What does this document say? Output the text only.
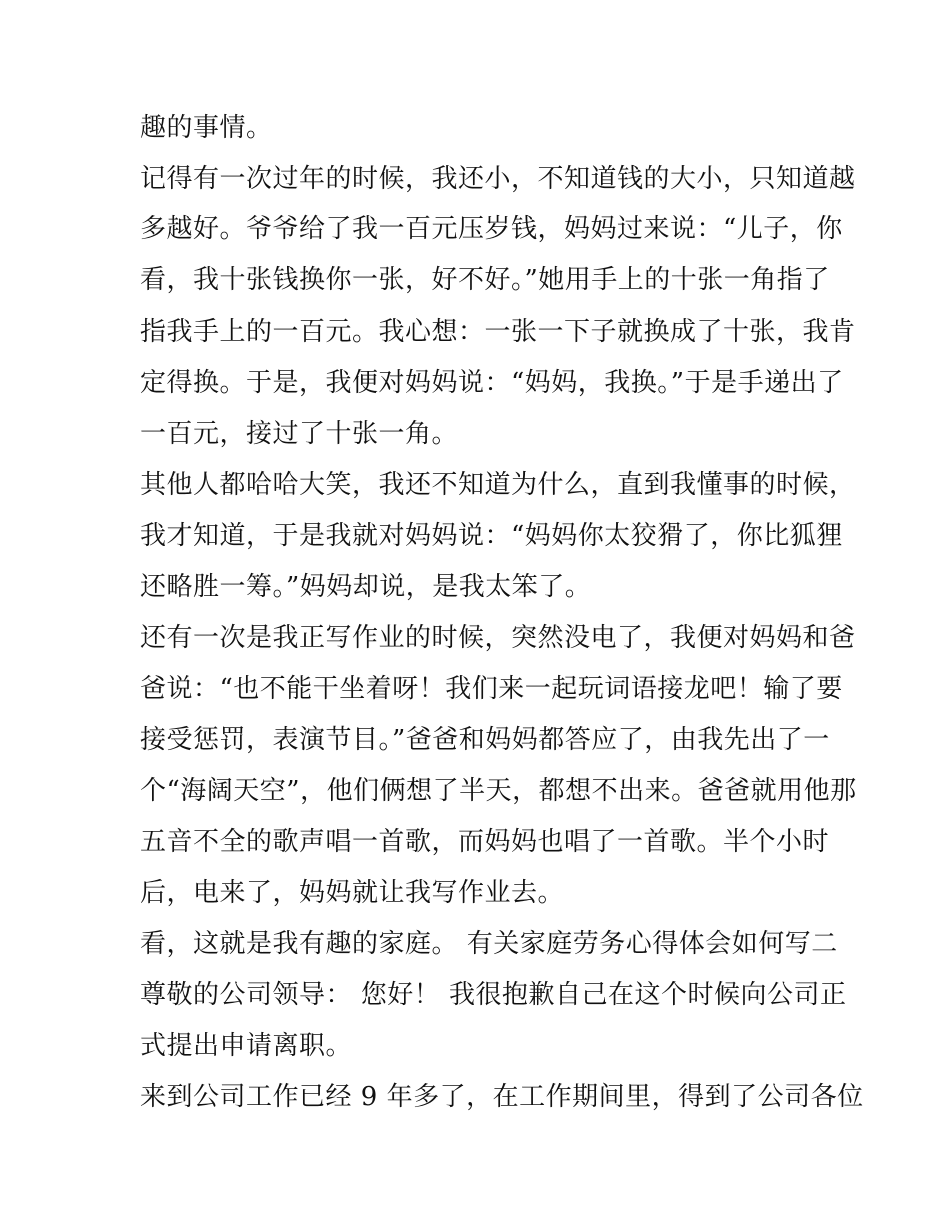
趣的事情。
记得有一次过年的时候，我还小，不知道钱的大小，只知道越
多越好。爷爷给了我一百元压岁钱，妈妈过来说：“儿子，你
看，我十张钱换你一张，好不好。”她用手上的十张一角指了
指我手上的一百元。我心想：一张一下子就换成了十张，我肯
定得换。于是，我便对妈妈说：“妈妈，我换。”于是手递出了
一百元，接过了十张一角。
其他人都哈哈大笑，我还不知道为什么，直到我懂事的时候，
我才知道，于是我就对妈妈说：“妈妈你太狡猾了，你比狐狸
还略胜一筹。”妈妈却说，是我太笨了。
还有一次是我正写作业的时候，突然没电了，我便对妈妈和爸
爸说：“也不能干坐着呀！我们来一起玩词语接龙吧！输了要
接受惩罚，表演节目。”爸爸和妈妈都答应了，由我先出了一
个“海阔天空”，他们俩想了半天，都想不出来。爸爸就用他那
五音不全的歌声唱一首歌，而妈妈也唱了一首歌。半个小时
后，电来了，妈妈就让我写作业去。
看，这就是我有趣的家庭。 有关家庭劳务心得体会如何写二
尊敬的公司领导： 您好！ 我很抱歉自己在这个时候向公司正
式提出申请离职。
来到公司工作已经 9 年多了，在工作期间里，得到了公司各位
